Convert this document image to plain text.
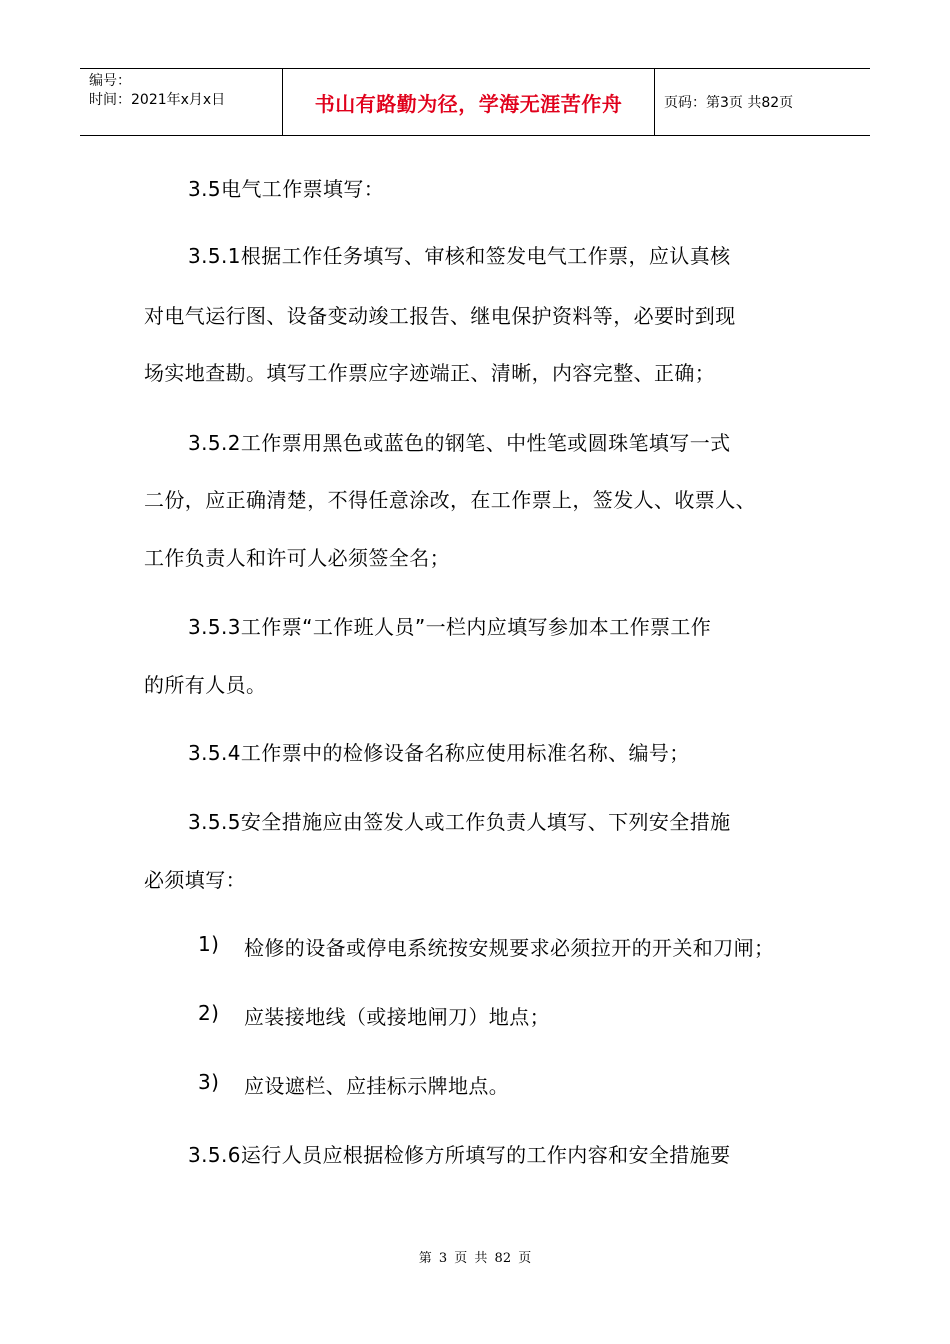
编号：
时间：2021年x月x日	书山有路勤为径，学海无涯苦作舟	页码：第3页 共82页
3.5电气工作票填写：
3.5.1根据工作任务填写、审核和签发电气工作票，应认真核
对电气运行图、设备变动竣工报告、继电保护资料等，必要时到现
场实地查勘。填写工作票应字迹端正、清晰，内容完整、正确；
3.5.2工作票用黑色或蓝色的钢笔、中性笔或圆珠笔填写一式
二份，应正确清楚，不得任意涂改，在工作票上，签发人、收票人、
工作负责人和许可人必须签全名；
3.5.3工作票“工作班人员”一栏内应填写参加本工作票工作
的所有人员。
3.5.4工作票中的检修设备名称应使用标准名称、编号；
3.5.5安全措施应由签发人或工作负责人填写、下列安全措施
必须填写：
1) 检修的设备或停电系统按安规要求必须拉开的开关和刀闸；
2) 应装接地线（或接地闸刀）地点；
3) 应设遮栏、应挂标示牌地点。
3.5.6运行人员应根据检修方所填写的工作内容和安全措施要
第 3 页 共 82 页
